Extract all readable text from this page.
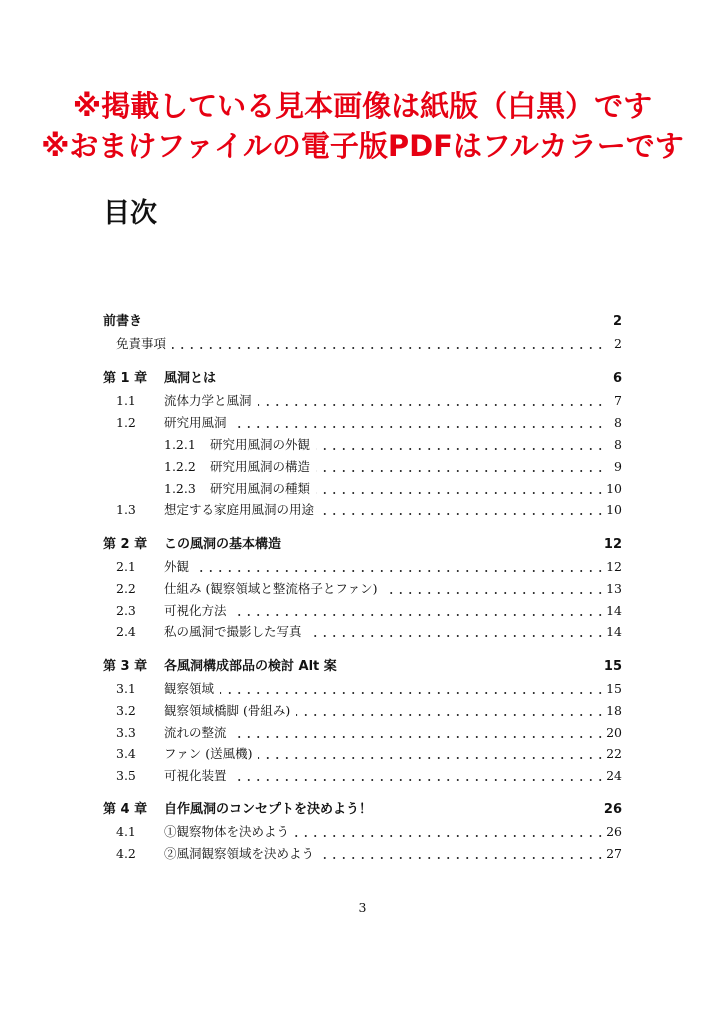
※掲載している見本画像は紙版（白黒）です
※おまけファイルの電子版PDFはフルカラーです
目次
前書き	2
免責事項	2
第 1 章 風洞とは	6
1.1 流体力学と風洞	7
1.2 研究用風洞	8
1.2.1 研究用風洞の外観	8
1.2.2 研究用風洞の構造	9
1.2.3 研究用風洞の種類	10
1.3 想定する家庭用風洞の用途	10
第 2 章 この風洞の基本構造	12
2.1 外観	12
2.2 仕組み (観察領域と整流格子とファン)	13
2.3 可視化方法	14
2.4 私の風洞で撮影した写真	14
第 3 章 各風洞構成部品の検討 Alt 案	15
3.1 観察領域	15
3.2 観察領域橋脚 (骨組み)	18
3.3 流れの整流	20
3.4 ファン (送風機)	22
3.5 可視化装置	24
第 4 章 自作風洞のコンセプトを決めよう！	26
4.1 ①観察物体を決めよう	26
4.2 ②風洞観察領域を決めよう	27
3
